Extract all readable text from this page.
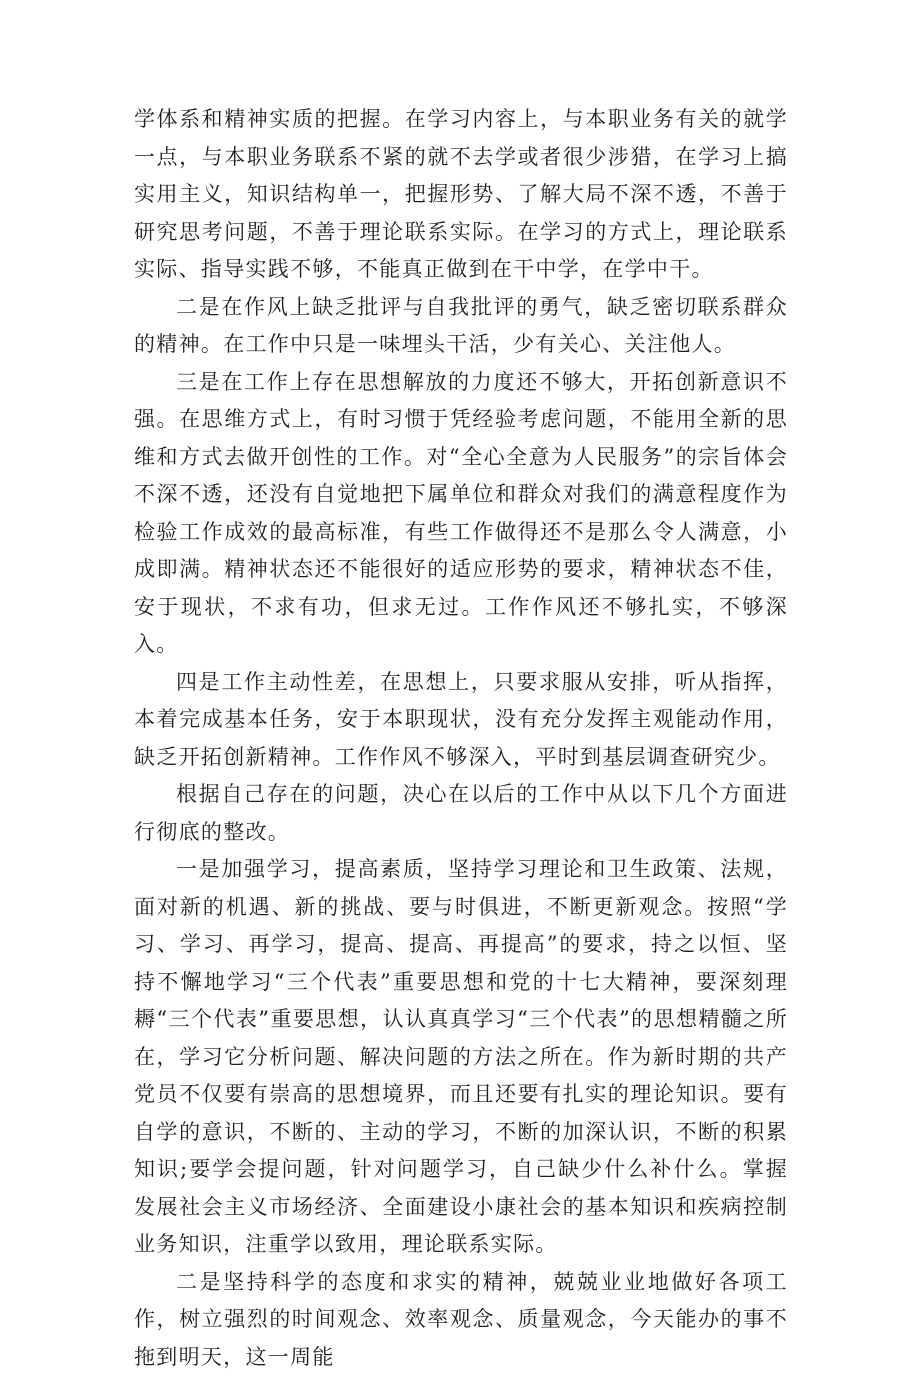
学体系和精神实质的把握。在学习内容上，与本职业务有关的就学一点，与本职业务联系不紧的就不去学或者很少涉猎，在学习上搞实用主义，知识结构单一，把握形势、了解大局不深不透，不善于研究思考问题，不善于理论联系实际。在学习的方式上，理论联系实际、指导实践不够，不能真正做到在干中学，在学中干。

二是在作风上缺乏批评与自我批评的勇气，缺乏密切联系群众的精神。在工作中只是一味埋头干活，少有关心、关注他人。

三是在工作上存在思想解放的力度还不够大，开拓创新意识不强。在思维方式上，有时习惯于凭经验考虑问题，不能用全新的思维和方式去做开创性的工作。对“全心全意为人民服务”的宗旨体会不深不透，还没有自觉地把下属单位和群众对我们的满意程度作为检验工作成效的最高标准，有些工作做得还不是那么令人满意，小成即满。精神状态还不能很好的适应形势的要求，精神状态不佳，安于现状，不求有功，但求无过。工作作风还不够扎实，不够深入。

四是工作主动性差，在思想上，只要求服从安排，听从指挥，本着完成基本任务，安于本职现状，没有充分发挥主观能动作用，缺乏开拓创新精神。工作作风不够深入，平时到基层调查研究少。

根据自己存在的问题，决心在以后的工作中从以下几个方面进行彻底的整改。

一是加强学习，提高素质，坚持学习理论和卫生政策、法规，面对新的机遇、新的挑战、要与时俱进，不断更新观念。按照“学习、学习、再学习，提高、提高、再提高”的要求，持之以恒、坚持不懈地学习“三个代表”重要思想和党的十七大精神，要深刻理耨“三个代表”重要思想，认认真真学习“三个代表”的思想精髓之所在，学习它分析问题、解决问题的方法之所在。作为新时期的共产党员不仅要有崇高的思想境界，而且还要有扎实的理论知识。要有自学的意识，不断的、主动的学习，不断的加深认识，不断的积累知识;要学会提问题，针对问题学习，自己缺少什么补什么。掌握发展社会主义市场经济、全面建设小康社会的基本知识和疾病控制业务知识，注重学以致用，理论联系实际。

二是坚持科学的态度和求实的精神，兢兢业业地做好各项工作，树立强烈的时间观念、效率观念、质量观念，今天能办的事不拖到明天，这一周能
